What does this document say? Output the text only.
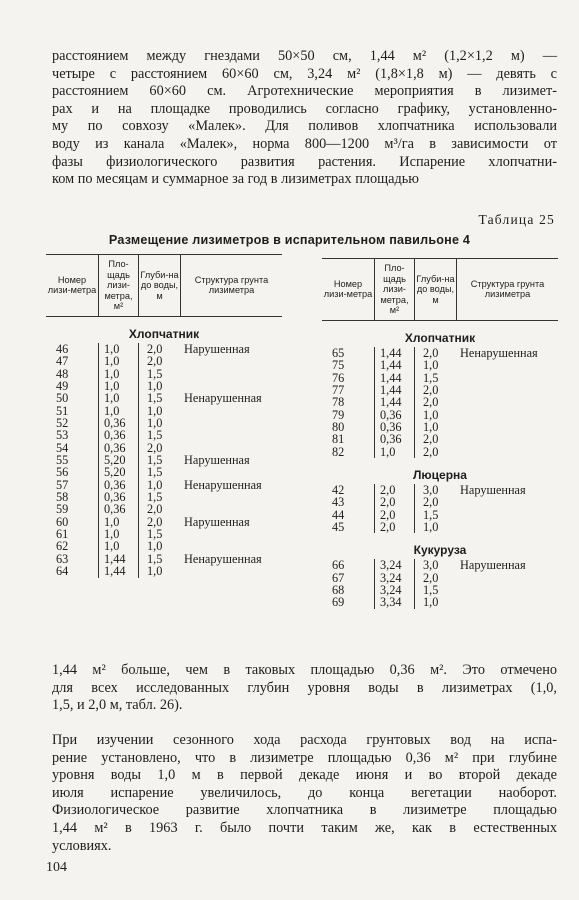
расстоянием между гнездами 50×50 см, 1,44 м² (1,2×1,2 м) —
четыре с расстоянием 60×60 см, 3,24 м² (1,8×1,8 м) — девять с
расстоянием 60×60 см. Агротехнические мероприятия в лизимет-
рах и на площадке проводились согласно графику, установленно-
му по совхозу «Малек». Для поливов хлопчатника использовали
воду из канала «Малек», норма 800—1200 м³/га в зависимости от
фазы физиологического развития растения. Испарение хлопчатни-
ком по месяцам и суммарное за год в лизиметрах площадью

Таблица 25
Размещение лизиметров в испарительном павильоне 4
Номер лизи-метра
Пло-щадь лизи-метра, м²
Глуби-на до воды, м
Структура грунта лизиметра
Хлопчатник
46
47
48
49
50
51
52
53
54
55
56
57
58
59
60
61
62
63
64
1,0
1,0
1,0
1,0
1,0
1,0
0,36
0,36
0,36
5,20
5,20
0,36
0,36
0,36
1,0
1,0
1,0
1,44
1,44
2,0
2,0
1,5
1,0
1,5
1,0
1,0
1,5
2,0
1,5
1,5
1,0
1,5
2,0
2,0
1,5
1,0
1,5
1,0
Нарушенная
Ненарушенная
Нарушенная
Ненарушенная
Нарушенная
Ненарушенная
Номер лизи-метра
Пло-щадь лизи-метра, м²
Глуби-на до воды, м
Структура грунта лизиметра
Хлопчатник
65
75
76
77
78
79
80
81
82
1,44
1,44
1,44
1,44
1,44
0,36
0,36
0,36
1,0
2,0
1,0
1,5
2,0
2,0
1,0
1,0
2,0
2,0
Ненарушенная
Люцерна
42
43
44
45
2,0
2,0
2,0
2,0
3,0
2,0
1,5
1,0
Нарушенная
Кукуруза
66
67
68
69
3,24
3,24
3,24
3,34
3,0
2,0
1,5
1,0
Нарушенная

1,44 м² больше, чем в таковых площадью 0,36 м². Это отмечено
для всех исследованных глубин уровня воды в лизиметрах (1,0,
1,5, и 2,0 м, табл. 26).

При изучении сезонного хода расхода грунтовых вод на испа-
рение установлено, что в лизиметре площадью 0,36 м² при глубине
уровня воды 1,0 м в первой декаде июня и во второй декаде
июля испарение увеличилось, до конца вегетации наоборот.
Физиологическое развитие хлопчатника в лизиметре площадью
1,44 м² в 1963 г. было почти таким же, как в естественных
условиях.

104
